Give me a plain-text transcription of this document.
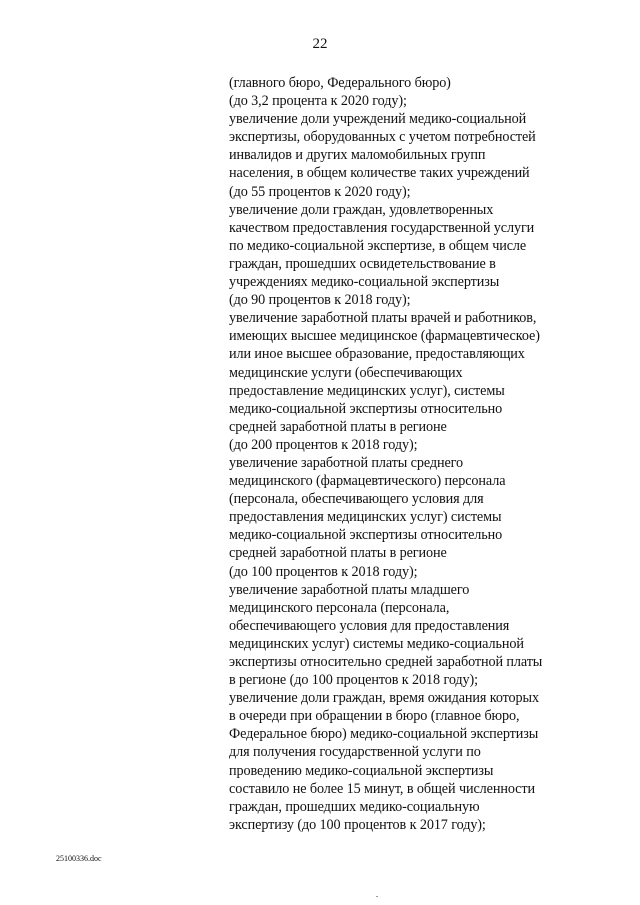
22
(главного бюро, Федерального бюро)
(до 3,2 процента к 2020 году);
увеличение доли учреждений медико-социальной
экспертизы, оборудованных с учетом потребностей
инвалидов и других маломобильных групп
населения, в общем количестве таких учреждений
(до 55 процентов к 2020 году);
увеличение доли граждан, удовлетворенных
качеством предоставления государственной услуги
по медико-социальной экспертизе, в общем числе
граждан, прошедших освидетельствование в
учреждениях медико-социальной экспертизы
(до 90 процентов к 2018 году);
увеличение заработной платы врачей и работников,
имеющих высшее медицинское (фармацевтическое)
или иное высшее образование, предоставляющих
медицинские услуги (обеспечивающих
предоставление медицинских услуг), системы
медико-социальной экспертизы относительно
средней заработной платы в регионе
(до 200 процентов к 2018 году);
увеличение заработной платы среднего
медицинского (фармацевтического) персонала
(персонала, обеспечивающего условия для
предоставления медицинских услуг) системы
медико-социальной экспертизы относительно
средней заработной платы в регионе
(до 100 процентов к 2018 году);
увеличение заработной платы младшего
медицинского персонала (персонала,
обеспечивающего условия для предоставления
медицинских услуг) системы медико-социальной
экспертизы относительно средней заработной платы
в регионе (до 100 процентов к 2018 году);
увеличение доли граждан, время ожидания которых
в очереди при обращении в бюро (главное бюро,
Федеральное бюро) медико-социальной экспертизы
для получения государственной услуги по
проведению медико-социальной экспертизы
составило не более 15 минут, в общей численности
граждан, прошедших медико-социальную
экспертизу (до 100 процентов к 2017 году);
25100336.doc
